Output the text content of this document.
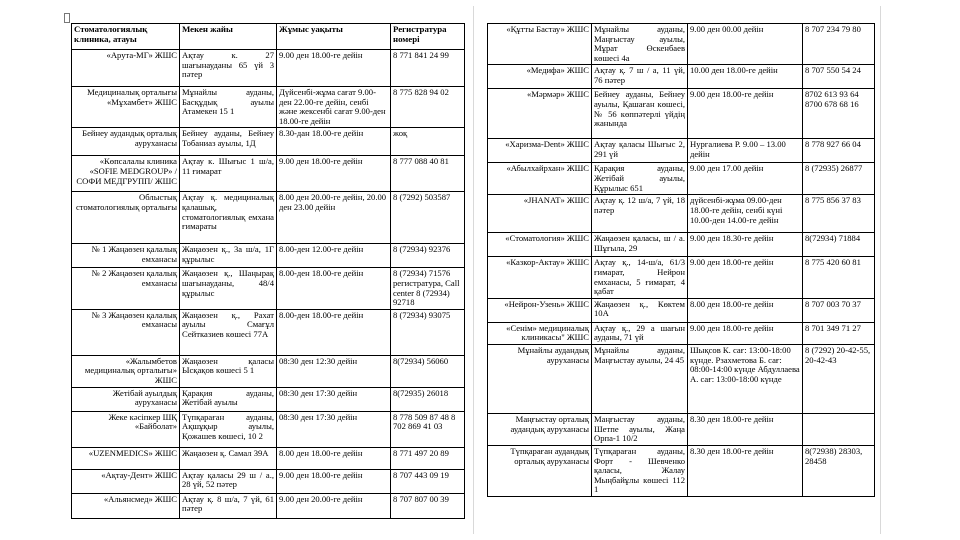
Стоматологиялық клиника, атауы	Мекен жайы	Жұмыс уақыты	Регистратура номері
«Арута-МГ» ЖШС	Ақтау к. 27 шағынауданы 65 үй 3 пәтер	9.00 ден 18.00-ге дейін	8 771 841 24 99
Медициналық орталығы «Мұхамбет» ЖШС	Мұнайлы ауданы, Басқұдық ауылы Атамекен 15 1	Дүйсенбі-жұма сағат 9.00-ден 22.00-ге дейін, сенбі және жексенбі сағат 9.00-ден 18.00-ге дейін	8 775 828 94 02
Бейнеу аудандық орталық ауруханасы	Бейнеу ауданы, Бейнеу Тобаниаз ауылы, 1Д	8.30-дан 18.00-ге дейін	жоқ
«Көпсалалы клиника «SOFIE MEDGROUP» /СОФИ МЕДГРУПП/ ЖШС	Ақтау к. Шығыс 1 ш/а, 11 ғимарат	9.00 ден 18.00-ге дейін	8 777 088 40 81
Облыстық стоматологиялық орталығы	Ақтау қ. медициналық қалашық, стоматологиялық емхана ғимараты	8.00 ден 20.00-ге дейін, 20.00 ден 23.00 дейін	8 (7292) 503587
№ 1 Жаңаөзен қалалық емханасы	Жаңаөзен қ., 3а ш/а, 1Г құрылыс	8.00-ден 12.00-ге дейін	8 (72934) 92376
№ 2 Жаңаөзен қалалық емханасы	Жаңаөзен қ., Шаңырақ шағынауданы, 48/4 құрылыс	8.00-ден 18.00-ге дейін	8 (72934) 71576 регистратура, Call center 8 (72934) 92718
№ 3 Жаңаөзен қалалық емханасы	Жаңаөзен қ., Рахат ауылы Смағұл Сейтказиев көшесі 77А	8.00-ден 18.00-ге дейін	8 (72934) 93075
«Жалымбетов медициналық орталығы» ЖШС	Жаңаөзен қаласы Ысқақов көшесі 5 1	08:30 ден 12:30 дейін	8(72934) 56060
Жетібай ауылдық ауруханасы	Қарақия ауданы, Жетібай ауылы	08:30 ден 17:30 дейін	8(72935) 26018
Жеке кәсіпкер ШҚ «Байболат»	Түпқараған ауданы, Ақшұқыр ауылы, Қожашев көшесі, 10 2	08:30 ден 17:30 дейін	8 778 509 87 48 8 702 869 41 03
«UZENMEDICS» ЖШС	Жаңаөзен қ. Самал 39А	8.00 ден 18.00-ге дейін	8 771 497 20 89
«Ақтау-Дент» ЖШС	Ақтау қаласы 29 ш / а., 28 үй, 52 пәтер	9.00 ден 18.00-ге дейін	8 707 443 09 19
«Альянсмед» ЖШС	Ақтау қ. 8 ш/а, 7 үй, 61 пәтер	9.00 ден 20.00-ге дейін	8 707 807 00 39
«Құтты Бастау» ЖШС	Мұнайлы ауданы, Маңғыстау ауылы, Мұрат Өскенбаев көшесі 4а	9.00 ден 00.00 дейін	8 707 234 79 80
«Медифа» ЖШС	Ақтау қ. 7 ш / а, 11 үй, 76 пәтер	10.00 ден 18.00-ге дейін	8 707 550 54 24
«Мәрмәр» ЖШС	Бейнеу ауданы, Бейнеу ауылы, Қашаған көшесі, № 56 көппәтерлі үйдің жанында	9.00 ден 18.00-ге дейін	8702 613 93 64 8700 678 68 16
«Харизма-Dent» ЖШС	Ақтау қаласы Шығыс 2, 291 үй	Нургалиева Р. 9.00 – 13.00 дейін	8 778 927 66 04
«Абылхайрхан» ЖШС	Қарақия ауданы, Жетібай ауылы, Құрылыс 651	9.00 ден 17.00 дейін	8 (72935) 26877
«JHANAT» ЖШС	Ақтау қ. 12 ш/а, 7 үй, 18 пәтер	дүйсенбі-жұма 09.00-ден 18.00-ге дейін, сенбі күні 10.00-ден 14.00-ге дейін	8 775 856 37 83
«Стоматология» ЖШС	Жаңаөзен қаласы, ш / а. Шұғыла, 29	9.00 ден 18.30-ге дейін	8(72934) 71884
«Казкор-Актау» ЖШС	Ақтау қ., 14-ш/а, 61/3 ғимарат, Нейрон емханасы, 5 ғимарат, 4 қабат	9.00 ден 18.00-ге дейін	8 775 420 60 81
«Нейрон-Узень» ЖШС	Жаңаөзен қ., Көктем 10А	8.00 ден 18.00-ге дейін	8 707 003 70 37
«Сенім» медициналық клиникасы" ЖШС	Ақтау қ., 29 а шағын ауданы, 71 үй	9.00 ден 18.00-ге дейін	8 701 349 71 27
Мұнайлы аудандық ауруханасы	Мұнайлы ауданы, Маңғыстау ауылы, 24 45	Шықсов К. сағ: 13:00-18:00 күнде. Рзахметова Б. сағ: 08:00-14:00 күнде Абдуллаева А. сағ: 13:00-18:00 күнде	8 (7292) 20-42-55, 20-42-43
Маңғыстау орталық аудандық ауруханасы	Маңғыстау ауданы, Шетпе ауылы, Жаңа Орпа-1 10/2	8.30 ден 18.00-ге дейін	
Түпқараған аудандық орталық ауруханасы	Түпқараған ауданы, Форт - Шевченко қаласы, Жалау Мыңбайұлы көшесі 112 1	8.30 ден 18.00-ге дейін	8(72938) 28303, 28458
